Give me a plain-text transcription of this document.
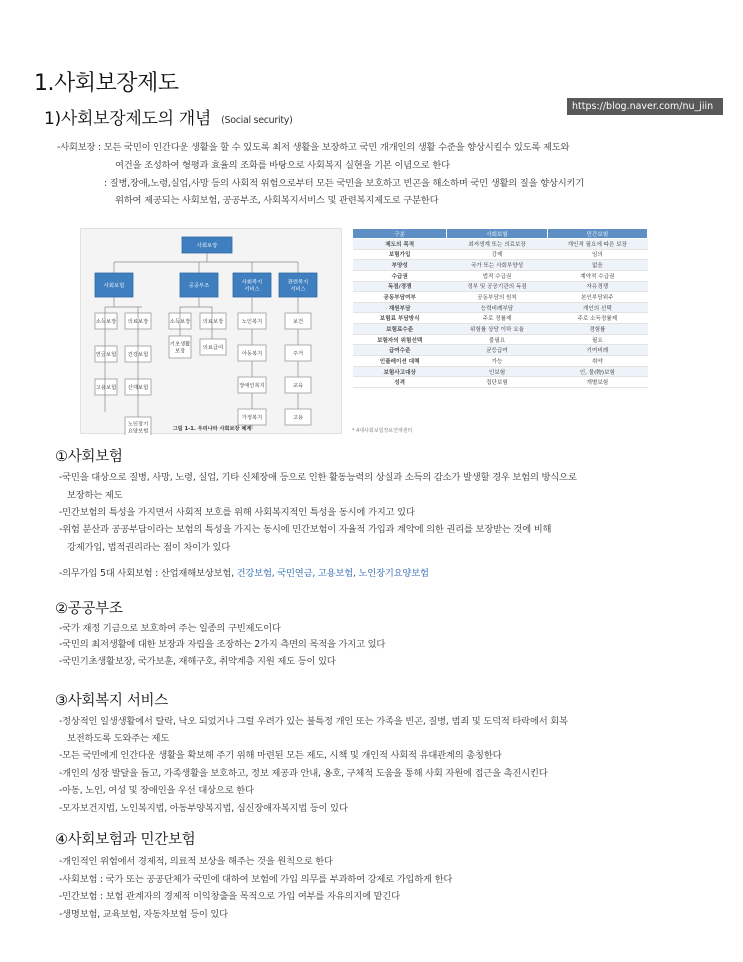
1.사회보장제도
1)사회보장제도의 개념 (Social security)
https://blog.naver.com/nu_jiin
-사회보장 : 모든 국민이 인간다운 생활을 할 수 있도록 최저 생활을 보장하고 국민 개개인의 생활 수준을 향상시킬수 있도록 제도와
여건을 조성하여 형평과 효율의 조화를 바탕으로 사회복지 실현을 기본 이념으로 한다
: 질병,장애,노령,실업,사망 등의 사회적 위험으로부터 모든 국민을 보호하고 빈곤을 해소하며 국민 생활의 질을 향상시키기
위하여 제공되는 사회보험, 공공부조, 사회복지서비스 및 관련복지제도로 구분한다
사회보장
사회보험	공공부조
사회복지
서비스
관련복지
서비스
소득보장 의료보장
연금보험 건강보험
고용보험 산재보험
노인장기
요양보험
소득보장 의료보장
기초생활
보장
의료급여
노인복지
아동복지
장애인복지
가정복지
보건
주거
교육
고용
그림 1-1. 우리나라 사회보장 체계
구분	사회보험	민간보험
제도의 목적	최저생계 또는 의료보장	개인적 필요에 따른 보장
보험가입	강제	임의
부양성	국가 또는 사회부양성	없음
수급권	법적 수급권	계약적 수급권
독점/경쟁	정부 및 공공기관의 독점	자유경쟁
공동부담여부	공동부담의 원칙	본인부담위주
재원부담	능력비례부담	개인의 선택
보험료 부담방식	주로 정률제	주로 소득정률제
보험료수준	위험률 상당 이하 요율	경험률
보험자의 위험선택	불필요	필요
급여수준	균등급여	기여비례
인플레이션 대책	가능	취약
보험사고대상	인보험	인, 물(物)보험
성격	집단보험	개별보험
* 4대사회보험정보연계센터
①사회보험
-국민을 대상으로 질병, 사망, 노령, 실업, 기타 신체장애 등으로 인한 활동능력의 상실과 소득의 감소가 발생할 경우 보험의 방식으로
보장하는 제도
-민간보험의 특성을 가지면서 사회적 보호를 위해 사회복지적인 특성을 동시에 가지고 있다
-위험 분산과 공공부담이라는 보험의 특성을 가지는 동시에 민간보험이 자율적 가입과 계약에 의한 권리를 보장받는 것에 비해
강제가입, 법적권리라는 점이 차이가 있다
-의무가입 5대 사회보험 : 산업재해보상보험, 건강보험, 국민연금, 고용보험, 노인장기요양보험
②공공부조
-국가 재정 기금으로 보호하여 주는 일종의 구빈제도이다
-국민의 최저생활에 대한 보장과 자립을 조장하는 2가지 측면의 목적을 가지고 있다
-국민기초생활보장, 국가보훈, 재해구호, 취약계층 지원 제도 등이 있다
③사회복지 서비스
-정상적인 일생생활에서 탈락, 낙오 되었거나 그럴 우려가 있는 불특정 개인 또는 가족을 빈곤, 질병, 범죄 및 도덕적 타락에서 회복
보전하도록 도와주는 제도
-모든 국민에게 인간다운 생활을 확보해 주기 위해 마련된 모든 제도, 시책 및 개인적 사회적 유대관계의 총칭한다
-개인의 성장 발달을 돕고, 가족생활을 보호하고, 정보 제공과 안내, 옹호, 구체적 도움을 통해 사회 자원에 접근을 촉진시킨다
-아동, 노인, 여성 및 장애인을 우선 대상으로 한다
-모자보건지법, 노인복지법, 아동부양복지법, 심신장애자복지법 등이 있다
④사회보험과 민간보험
-개인적인 위험에서 경제적, 의료적 보상을 해주는 것을 원칙으로 한다
-사회보험 : 국가 또는 공공단체가 국민에 대하여 보험에 가입 의무를 부과하여 강제로 가입하게 한다
-민간보험 : 보험 관계자의 경제적 이익창출을 목적으로 가입 여부를 자유의지에 맡긴다
-생명보험, 교육보험, 자동차보험 등이 있다
